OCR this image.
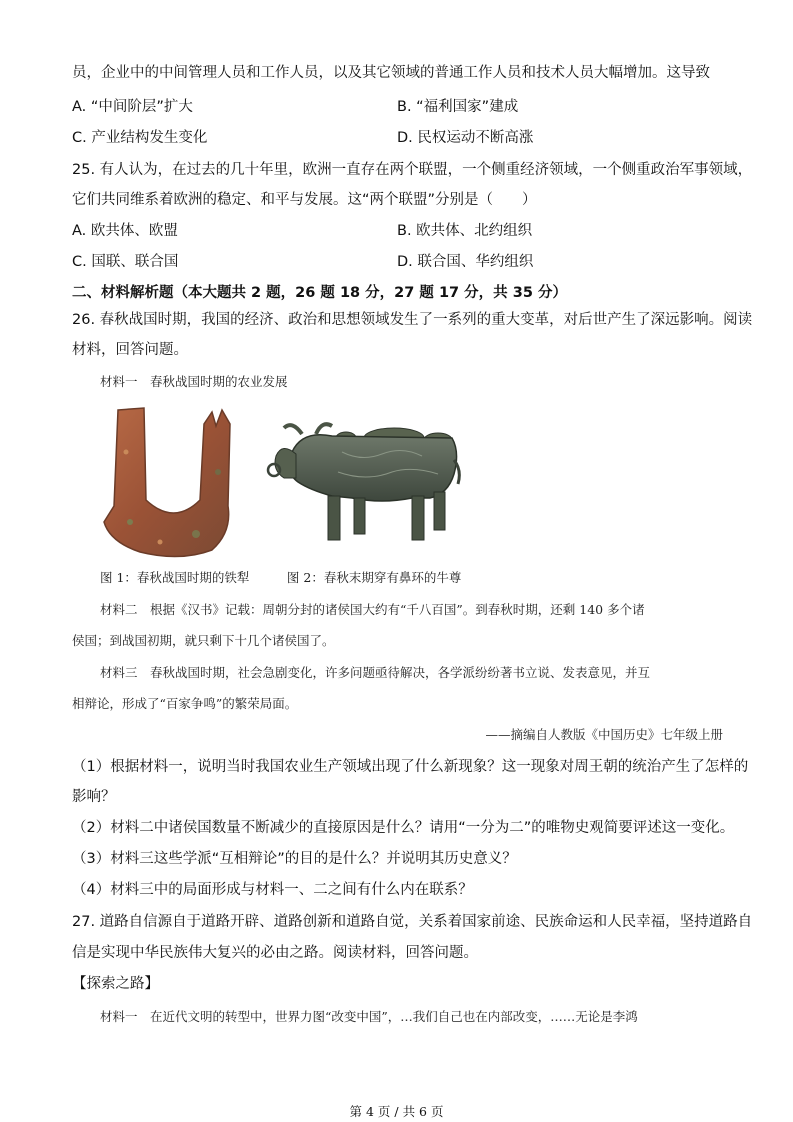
员，企业中的中间管理人员和工作人员，以及其它领域的普通工作人员和技术人员大幅增加。这导致
A. “中间阶层”扩大	B. “福利国家”建成
C. 产业结构发生变化	D. 民权运动不断高涨
25. 有人认为，在过去的几十年里，欧洲一直存在两个联盟，一个侧重经济领域，一个侧重政治军事领域，
它们共同维系着欧洲的稳定、和平与发展。这“两个联盟”分别是（　　）
A. 欧共体、欧盟	B. 欧共体、北约组织
C. 国联、联合国	D. 联合国、华约组织
二、材料解析题（本大题共 2 题，26 题 18 分，27 题 17 分，共 35 分）
26. 春秋战国时期，我国的经济、政治和思想领域发生了一系列的重大变革，对后世产生了深远影响。阅读
材料，回答问题。
材料一　春秋战国时期的农业发展
图 1：春秋战国时期的铁犁　　　图 2：春秋末期穿有鼻环的牛尊
材料二　根据《汉书》记载：周朝分封的诸侯国大约有“千八百国”。到春秋时期，还剩 140 多个诸
侯国；到战国初期，就只剩下十几个诸侯国了。
材料三　春秋战国时期，社会急剧变化，许多问题亟待解决，各学派纷纷著书立说、发表意见，并互
相辩论，形成了“百家争鸣”的繁荣局面。
——摘编自人教版《中国历史》七年级上册
（1）根据材料一，说明当时我国农业生产领域出现了什么新现象？这一现象对周王朝的统治产生了怎样的
影响？
（2）材料二中诸侯国数量不断减少的直接原因是什么？请用“一分为二”的唯物史观简要评述这一变化。
（3）材料三这些学派“互相辩论”的目的是什么？并说明其历史意义？
（4）材料三中的局面形成与材料一、二之间有什么内在联系？
27. 道路自信源自于道路开辟、道路创新和道路自觉，关系着国家前途、民族命运和人民幸福，坚持道路自
信是实现中华民族伟大复兴的必由之路。阅读材料，回答问题。
【探索之路】
材料一　在近代文明的转型中，世界力图“改变中国”，…我们自己也在内部改变，……无论是李鸿
第 4 页 / 共 6 页
